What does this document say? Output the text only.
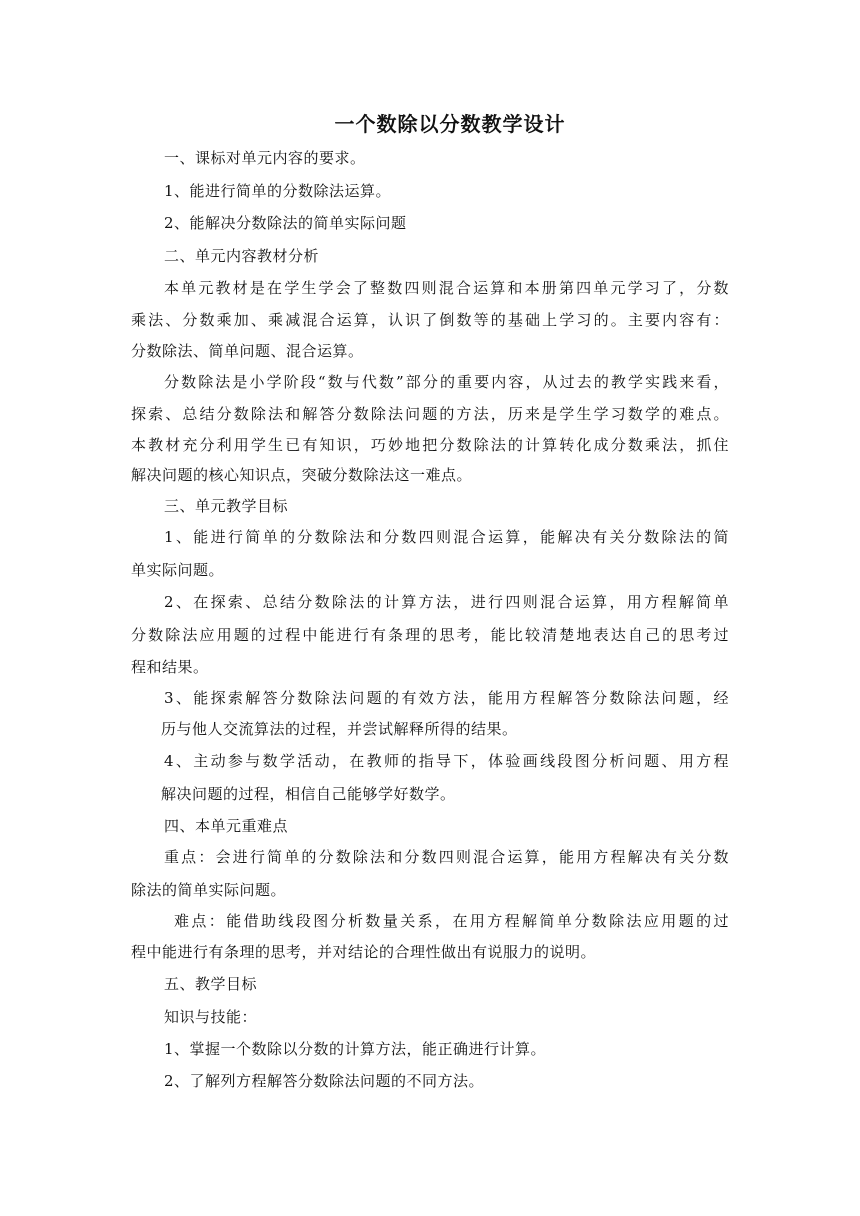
一个数除以分数教学设计
一、课标对单元内容的要求。
1、能进行简单的分数除法运算。
2、能解决分数除法的简单实际问题
二、单元内容教材分析
本单元教材是在学生学会了整数四则混合运算和本册第四单元学习了，分数
乘法、分数乘加、乘减混合运算，认识了倒数等的基础上学习的。主要内容有：
分数除法、简单问题、混合运算。
分数除法是小学阶段“数与代数”部分的重要内容，从过去的教学实践来看，
探索、总结分数除法和解答分数除法问题的方法，历来是学生学习数学的难点。
本教材充分利用学生已有知识，巧妙地把分数除法的计算转化成分数乘法，抓住
解决问题的核心知识点，突破分数除法这一难点。
三、单元教学目标
1、能进行简单的分数除法和分数四则混合运算，能解决有关分数除法的简
单实际问题。
2、在探索、总结分数除法的计算方法，进行四则混合运算，用方程解简单
分数除法应用题的过程中能进行有条理的思考，能比较清楚地表达自己的思考过
程和结果。
3、能探索解答分数除法问题的有效方法，能用方程解答分数除法问题，经
历与他人交流算法的过程，并尝试解释所得的结果。
4、主动参与数学活动，在教师的指导下，体验画线段图分析问题、用方程
解决问题的过程，相信自己能够学好数学。
四、本单元重难点
重点：会进行简单的分数除法和分数四则混合运算，能用方程解决有关分数
除法的简单实际问题。
难点：能借助线段图分析数量关系，在用方程解简单分数除法应用题的过
程中能进行有条理的思考，并对结论的合理性做出有说服力的说明。
五、教学目标
知识与技能：
1、掌握一个数除以分数的计算方法，能正确进行计算。
2、了解列方程解答分数除法问题的不同方法。
